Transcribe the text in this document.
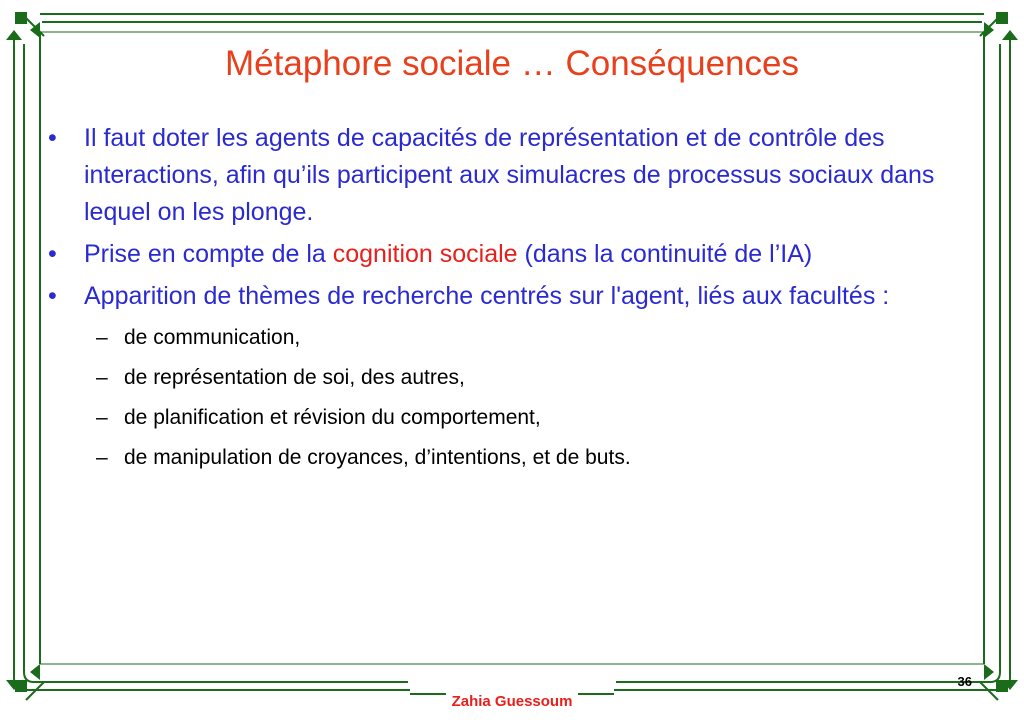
Métaphore sociale … Conséquences
• Il faut doter les agents de capacités de représentation et de contrôle des interactions, afin qu’ils participent aux simulacres de processus sociaux dans lequel on les plonge.
• Prise en compte de la cognition sociale (dans la continuité de l’IA)
• Apparition de thèmes de recherche centrés sur l'agent, liés aux facultés :
– de communication,
– de représentation de soi, des autres,
– de planification et révision du comportement,
– de manipulation de croyances, d’intentions, et de buts.
36
Zahia Guessoum
